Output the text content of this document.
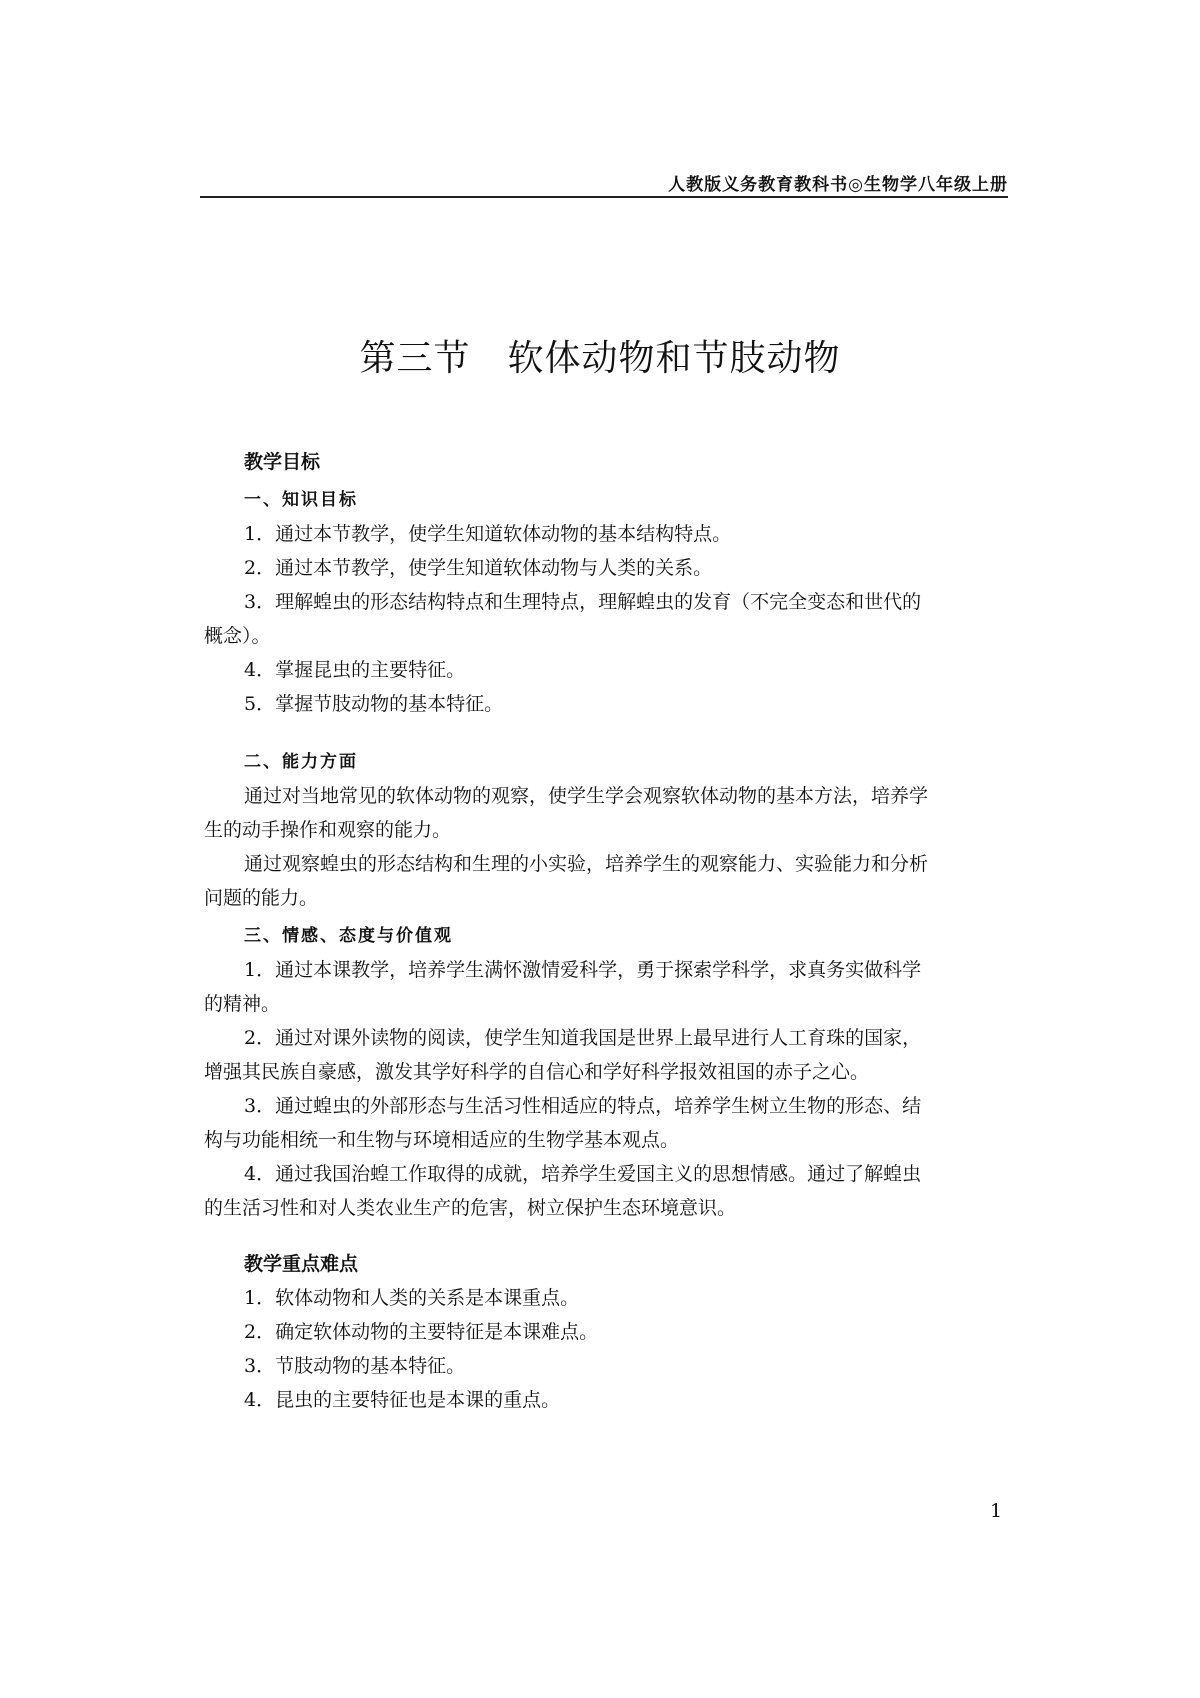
人教版义务教育教科书◎生物学八年级上册
第三节　软体动物和节肢动物
教学目标
一、知识目标
1．通过本节教学，使学生知道软体动物的基本结构特点。
2．通过本节教学，使学生知道软体动物与人类的关系。
3．理解蝗虫的形态结构特点和生理特点，理解蝗虫的发育（不完全变态和世代的
概念）。
4．掌握昆虫的主要特征。
5．掌握节肢动物的基本特征。
二、能力方面
通过对当地常见的软体动物的观察，使学生学会观察软体动物的基本方法，培养学
生的动手操作和观察的能力。
通过观察蝗虫的形态结构和生理的小实验，培养学生的观察能力、实验能力和分析
问题的能力。
三、情感、态度与价值观
1．通过本课教学，培养学生满怀激情爱科学，勇于探索学科学，求真务实做科学
的精神。
2．通过对课外读物的阅读，使学生知道我国是世界上最早进行人工育珠的国家，
增强其民族自豪感，激发其学好科学的自信心和学好科学报效祖国的赤子之心。
3．通过蝗虫的外部形态与生活习性相适应的特点，培养学生树立生物的形态、结
构与功能相统一和生物与环境相适应的生物学基本观点。
4．通过我国治蝗工作取得的成就，培养学生爱国主义的思想情感。通过了解蝗虫
的生活习性和对人类农业生产的危害，树立保护生态环境意识。
教学重点难点
1．软体动物和人类的关系是本课重点。
2．确定软体动物的主要特征是本课难点。
3．节肢动物的基本特征。
4．昆虫的主要特征也是本课的重点。
1
